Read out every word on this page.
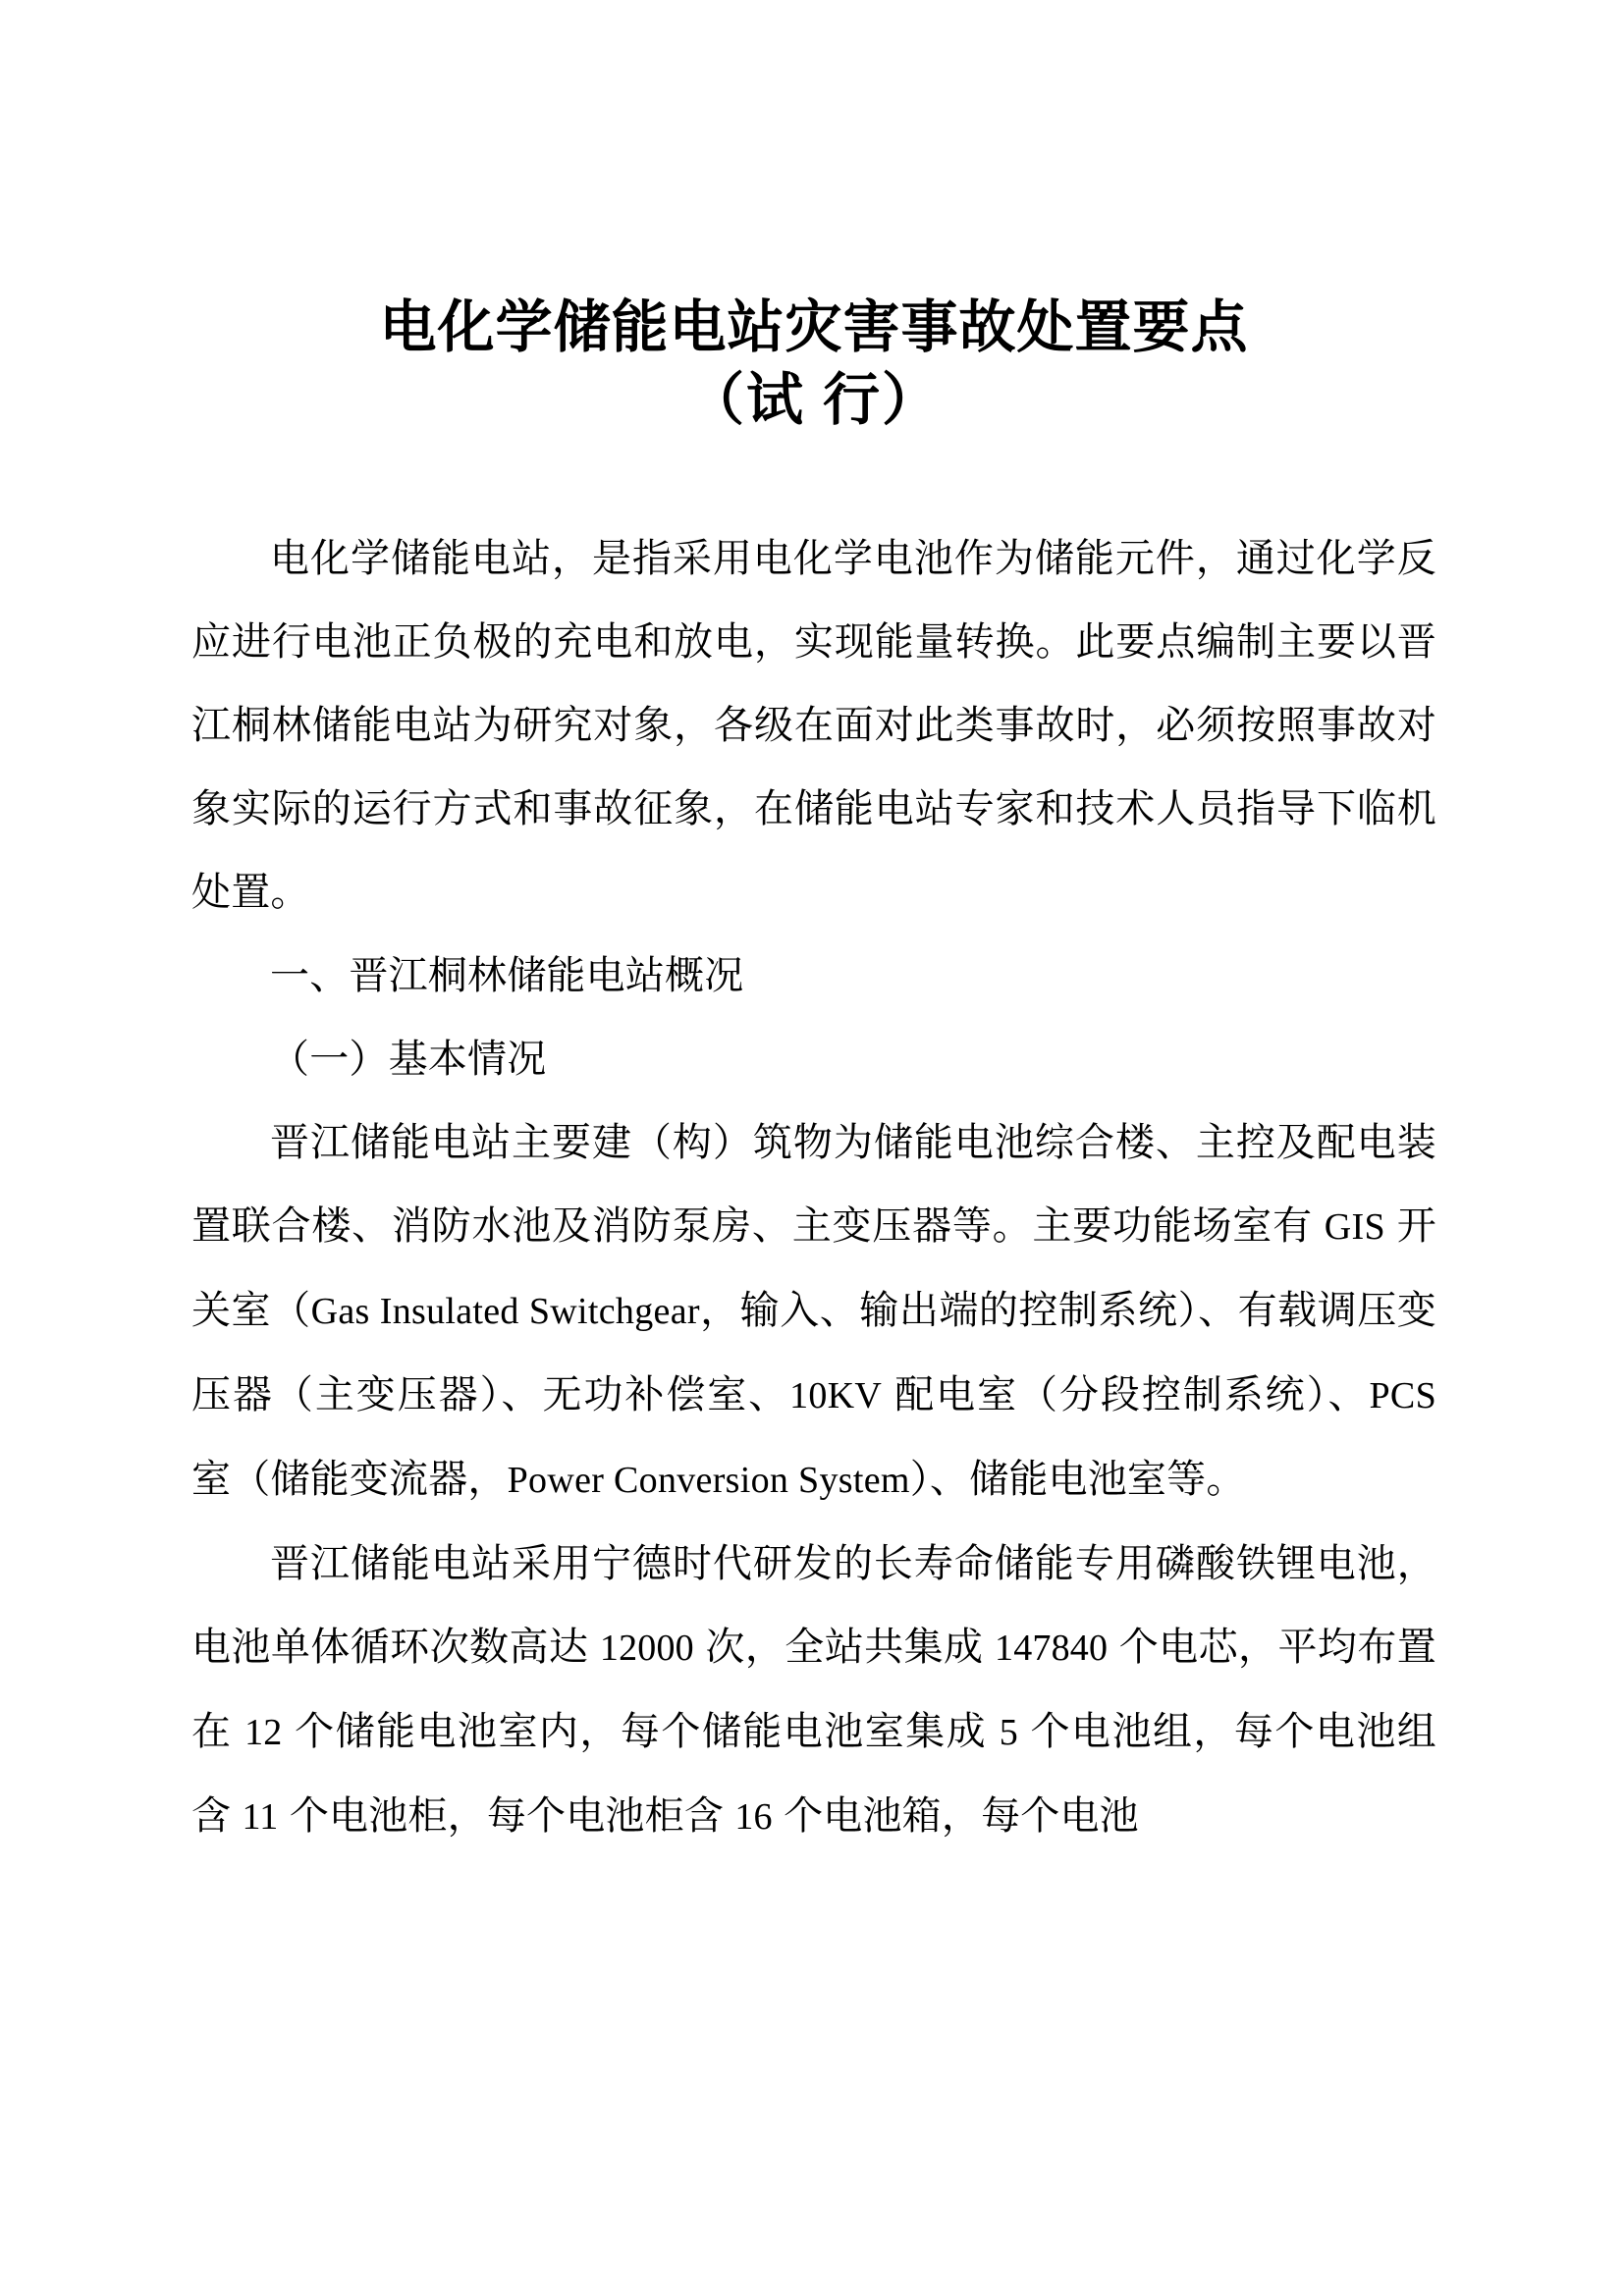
电化学储能电站灾害事故处置要点
（试 行）

电化学储能电站，是指采用电化学电池作为储能元件，通过化学反应进行电池正负极的充电和放电，实现能量转换。此要点编制主要以晋江桐林储能电站为研究对象，各级在面对此类事故时，必须按照事故对象实际的运行方式和事故征象，在储能电站专家和技术人员指导下临机处置。

一、晋江桐林储能电站概况

（一）基本情况

晋江储能电站主要建（构）筑物为储能电池综合楼、主控及配电装置联合楼、消防水池及消防泵房、主变压器等。主要功能场室有 GIS 开关室（Gas Insulated Switchgear，输入、输出端的控制系统）、有载调压变压器（主变压器）、无功补偿室、10KV 配电室（分段控制系统）、PCS 室（储能变流器，Power Conversion System）、储能电池室等。

晋江储能电站采用宁德时代研发的长寿命储能专用磷酸铁锂电池，电池单体循环次数高达 12000 次，全站共集成 147840 个电芯，平均布置在 12 个储能电池室内，每个储能电池室集成 5 个电池组，每个电池组含 11 个电池柜，每个电池柜含 16 个电池箱，每个电池
